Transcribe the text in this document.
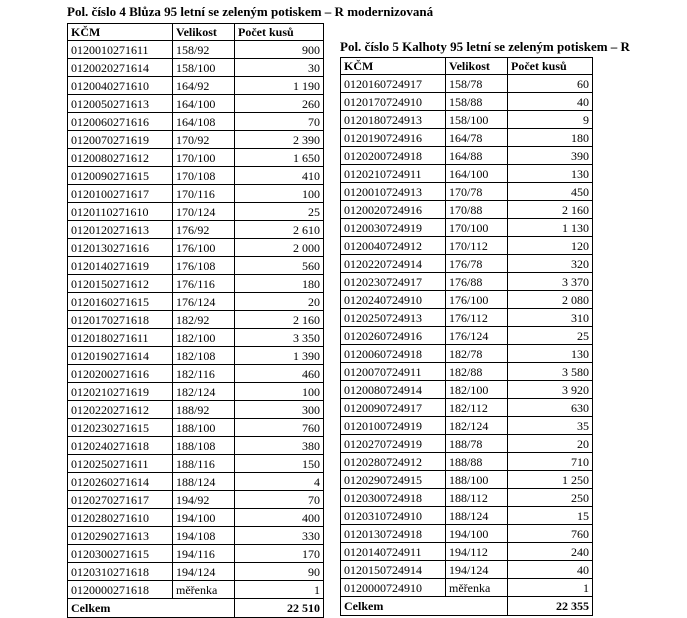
Pol. číslo 4 Blůza 95 letní se zeleným potiskem – R modernizovaná
KČM	Velikost	Počet kusů
0120010271611	158/92	900
0120020271614	158/100	30
0120040271610	164/92	1 190
0120050271613	164/100	260
0120060271616	164/108	70
0120070271619	170/92	2 390
0120080271612	170/100	1 650
0120090271615	170/108	410
0120100271617	170/116	100
0120110271610	170/124	25
0120120271613	176/92	2 610
0120130271616	176/100	2 000
0120140271619	176/108	560
0120150271612	176/116	180
0120160271615	176/124	20
0120170271618	182/92	2 160
0120180271611	182/100	3 350
0120190271614	182/108	1 390
0120200271616	182/116	460
0120210271619	182/124	100
0120220271612	188/92	300
0120230271615	188/100	760
0120240271618	188/108	380
0120250271611	188/116	150
0120260271614	188/124	4
0120270271617	194/92	70
0120280271610	194/100	400
0120290271613	194/108	330
0120300271615	194/116	170
0120310271618	194/124	90
0120000271618	měřenka	1
Celkem		22 510
Pol. číslo 5 Kalhoty 95 letní se zeleným potiskem – R
KČM	Velikost	Počet kusů
0120160724917	158/78	60
0120170724910	158/88	40
0120180724913	158/100	9
0120190724916	164/78	180
0120200724918	164/88	390
0120210724911	164/100	130
0120010724913	170/78	450
0120020724916	170/88	2 160
0120030724919	170/100	1 130
0120040724912	170/112	120
0120220724914	176/78	320
0120230724917	176/88	3 370
0120240724910	176/100	2 080
0120250724913	176/112	310
0120260724916	176/124	25
0120060724918	182/78	130
0120070724911	182/88	3 580
0120080724914	182/100	3 920
0120090724917	182/112	630
0120100724919	182/124	35
0120270724919	188/78	20
0120280724912	188/88	710
0120290724915	188/100	1 250
0120300724918	188/112	250
0120310724910	188/124	15
0120130724918	194/100	760
0120140724911	194/112	240
0120150724914	194/124	40
0120000724910	měřenka	1
Celkem		22 355
